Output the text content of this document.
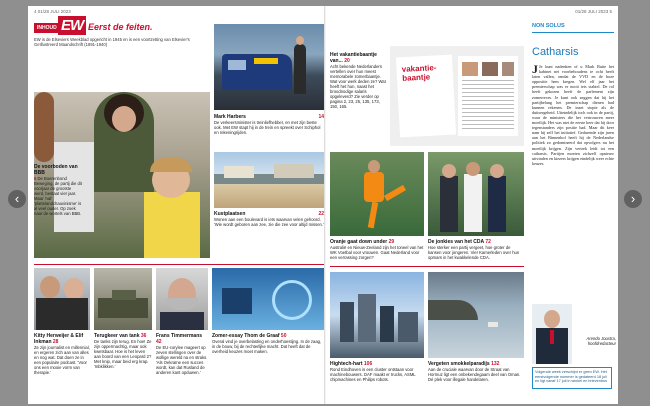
‹	›
4 01/28 JULI 2023
INHOUD EW Eerst de feiten.
EW is de Elseviers Weekblad opgericht in 1945 en is een voortzetting van Elsevier's Geïllustreerd Maandschrift (1891-1940)
De voorboden van BBB
6 De Boerenbond Beweging, de partij die dit voorjaar de grootste werd, bestaat vier jaar. Maar 'nat' 'plattelandchauvinisme' is al veel ouder. Op zoek naar de wortels van BBB.
Mark Harbers	14
De verkeersminister is treinliefhebber, en met zijn beste ook. Met EW stapt hij in de trein en spreekt over Schiphol en rekeningrijden.
Kustplaatsen	22
Wonen aan een boulevard is iets waarvan velen gehoord. 'Wie wordt geboren aan zee, zie die zee voor altijd missen.'
Kitty Herweijer & Elif Inkman 28
Ze zijn journalist en millennial, en ergeren zich aan van alles en nog wat. Dat doen ze in een populaire podcast. 'Voor ons een mooie vorm van therapie.'
Terugkeer van tank 36
De tanks zijn terug. En hoe! Ze zijn oppermachtig, maar ook kwetsbaar. Hoe is het leven aan boord van een Leopard 2? Met knip, maar beid erg krap. 'Inbklikken.'
Frans Timmermans 42
De EU-corylee mageert op zeven stellingen over de wollige wereld na en straks. 'Als Oekraïne een succes wordt, kan dat Rusland de anderen kant opduwen.'
Zomer-essay Thom de Graaf 50
Overal vind je overbelasting en onderhoestijng. In de zaag, in de bouw, bij de rechterlijke macht. Dat heeft dat de overheid keuzes moet maken.
01/28 JULI 2023 5
Het vakantiebaantje van... 20
Acht bekende Nederlanders vertellen over hun meest memorabele zomerbaantje. Wat voor werk deden ze? Wat heeft het hun, naast het broodnodige salaris opgeleverd? Zie verder op pagina 2, 23, 25, 135, 173, 150, 165.
vakantie-
baantje
Oranje gaat down under 29
Australië en Nieuw-Zeeland zijn het toneel van het WK Voetbal voor vrouwen. Gaat Nederland voor een verrassing zorgen?
De jonkies van het CDA 72
Hoe sterker een partij vergeet, hoe groter de kansen voor jongeren. Vier Kamerleden over hun opmars in het kwakkelende CDA.
Hightech-hart 106
Rond Eindhoven is een cluster ontstaan voor machinebouwers. DAF maakt er trucks, ASML chipmachines en Philips robots.
Vergeten smokkelparadijs 132
Aan de cruciale waarvan door de Straat van Hormuz ligt een onbekendegaam deel van Oman. Dé plek voor illegale handelaren.
NON SOLUS
Catharsis
J Je kunt nadenken of u Mark Rutte het kabinet net voorbehoudens te ocht heeft laten vallen, omdat de VVD en de boze oppositie hem kregen. Wel elf jaar het premierschap was er nooit iets stabiel. De rol heeft gekozen heeft de parlement zijn zomerreces. Je kunt ook zeggen dat hij het partijbelang het premierschap dienen had kunnen rekenen. De inzet stopte als de duitsergeheid. Uiteindelijk toch ook in de partij, waar de ministers die het vertrouwen meer moeilijk. Het was niet de eerste keer dat hij door tegenstanders zijn positie had. Maar dit keer nam hij zelf het initiatief. Gedurende zijn jaren aan het Binnenhof heeft hij de Nederlandse politiek zo gedomineerd dat opvolgers nu het moeilijk krijgen. Zijn vertrek leidt tot een catharsis. Partijen moeten zichzelf opnieuw uitvinden en kiezers krijgen eindelijk weer echte keuzes.
Arendo Joustra, hoofdredacteur
Volgende week verschijnt er geen EW. Het eerstvolgende nummer is gedateerd 18 juli en ligt vanaf 17 juli in winkel en brievenbus
